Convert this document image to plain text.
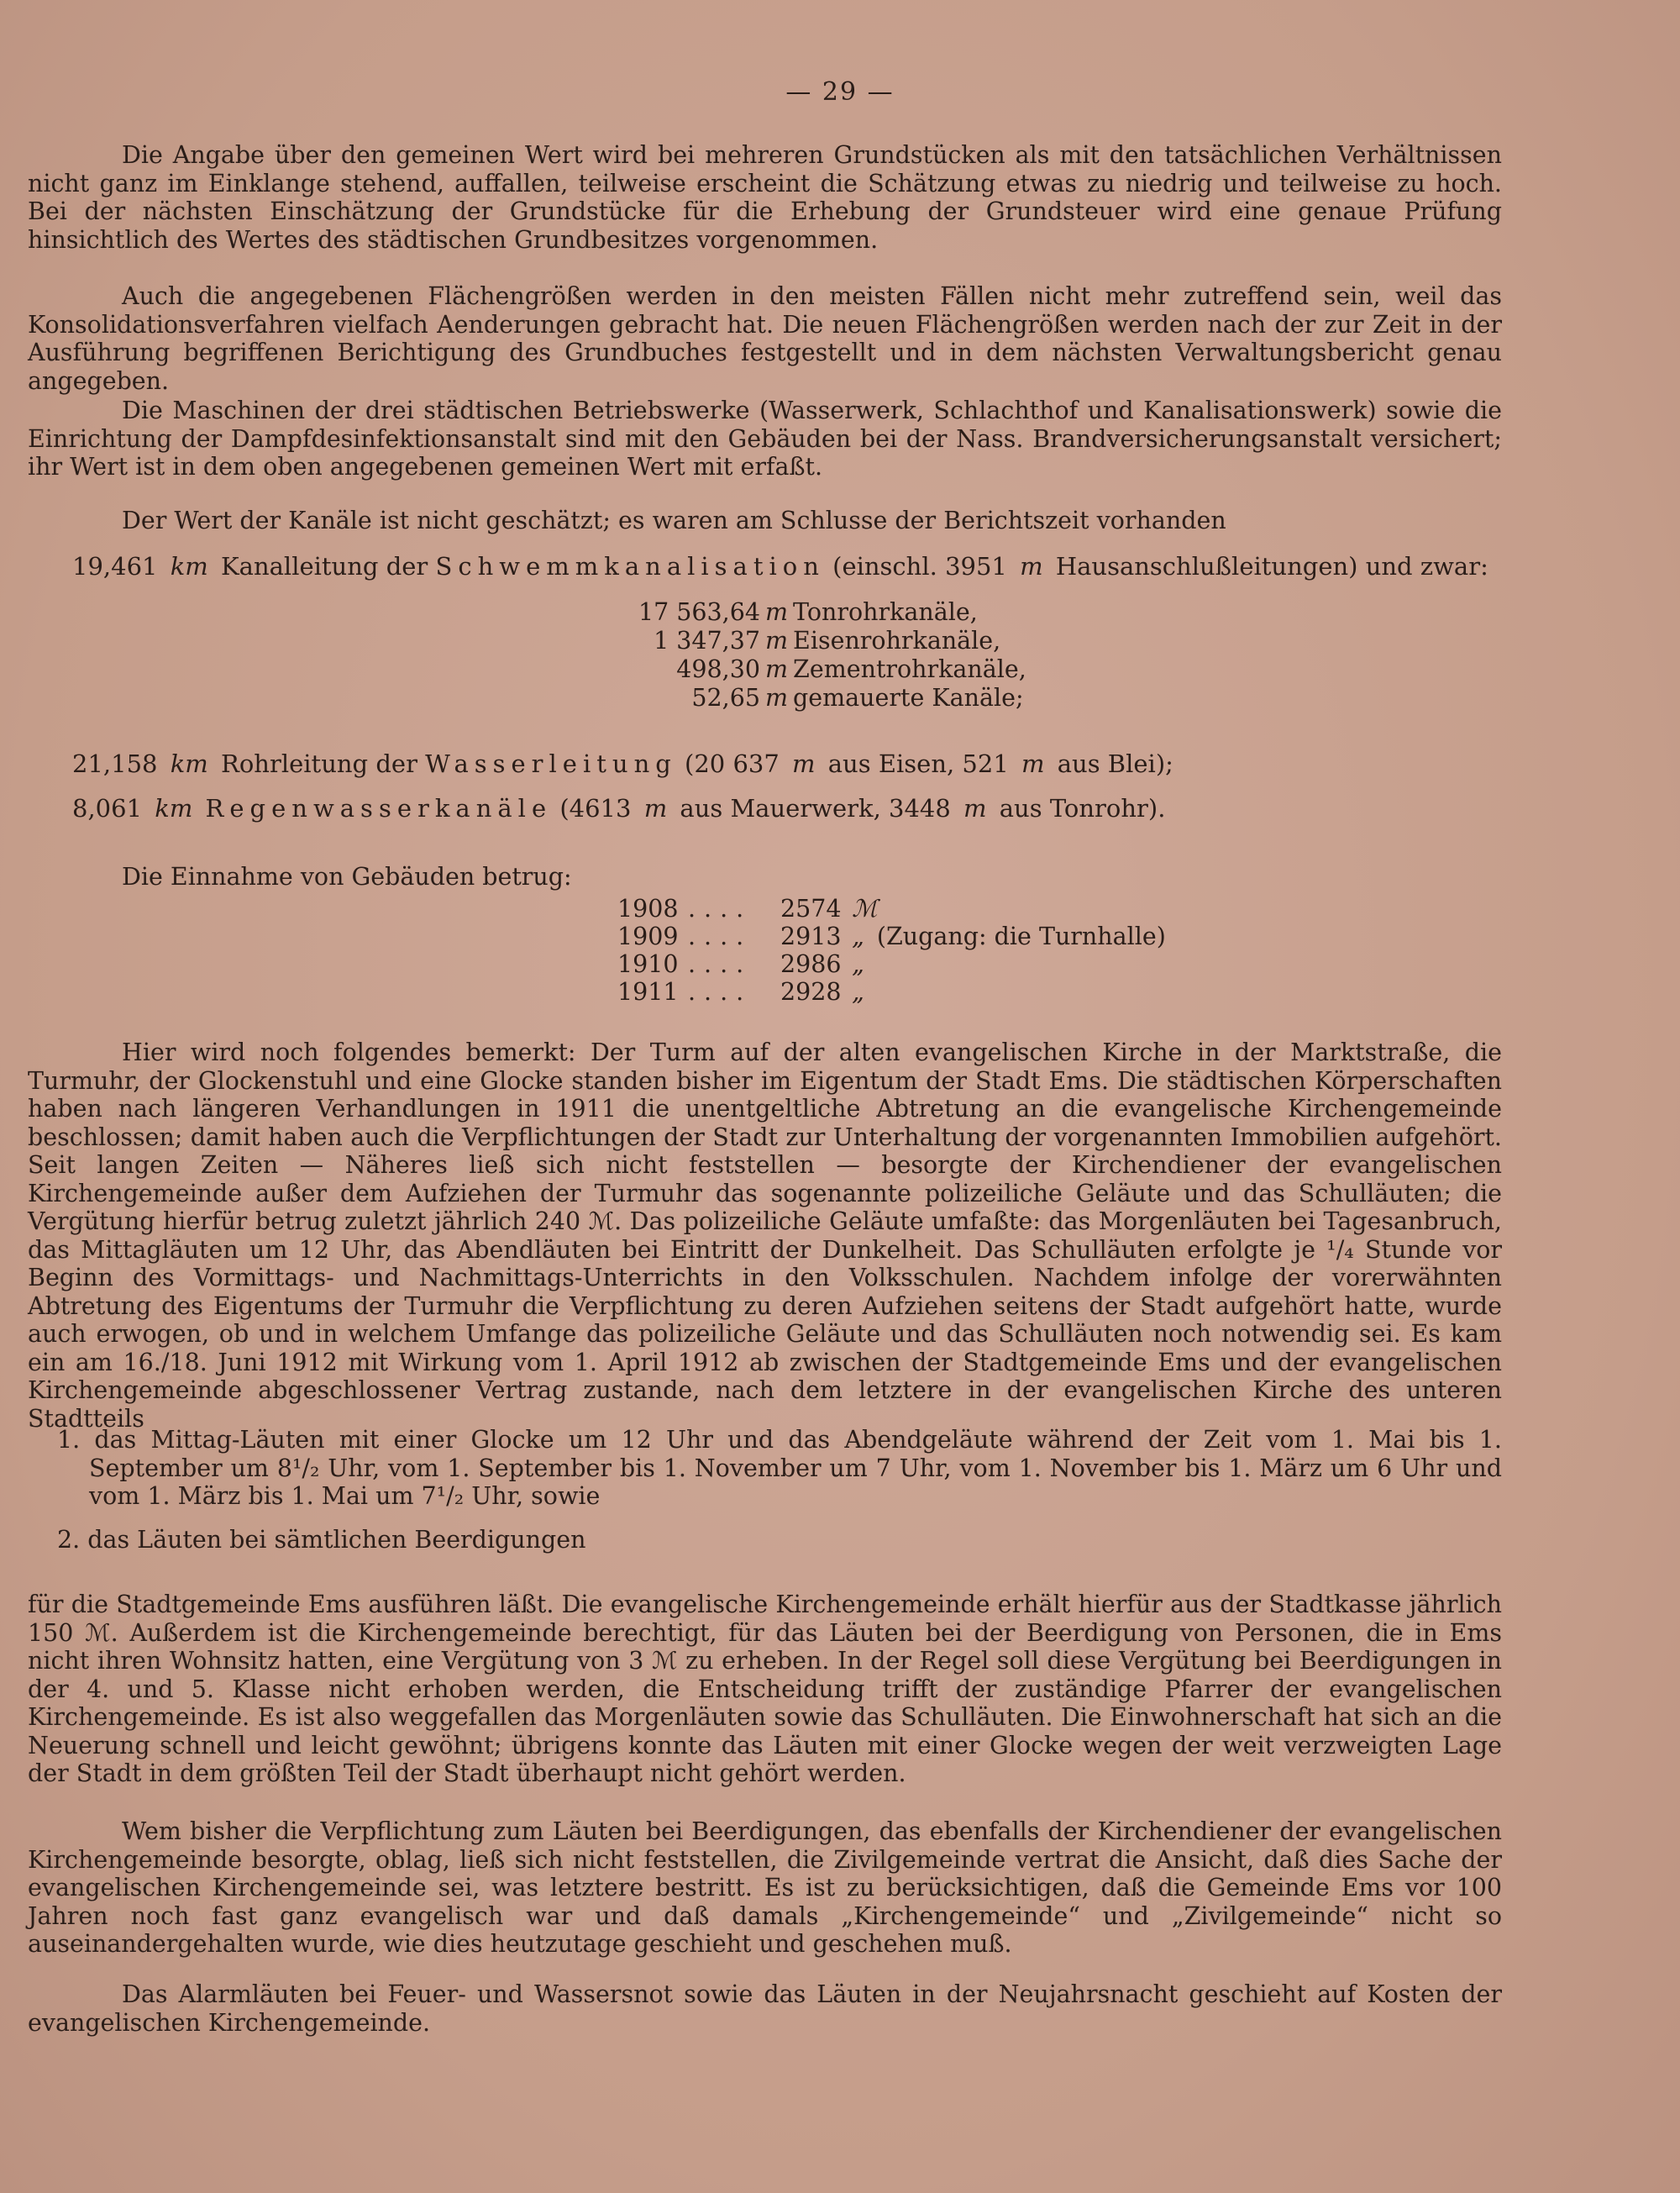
— 29 —

Die Angabe über den gemeinen Wert wird bei mehreren Grundstücken als mit den tatsächlichen Verhältnissen nicht ganz im Einklange stehend, auffallen, teilweise erscheint die Schätzung etwas zu niedrig und teilweise zu hoch. Bei der nächsten Einschätzung der Grundstücke für die Erhebung der Grundsteuer wird eine genaue Prüfung hinsichtlich des Wertes des städtischen Grundbesitzes vorgenommen.

Auch die angegebenen Flächengrößen werden in den meisten Fällen nicht mehr zutreffend sein, weil das Konsolidationsverfahren vielfach Aenderungen gebracht hat. Die neuen Flächengrößen werden nach der zur Zeit in der Ausführung begriffenen Berichtigung des Grundbuches festgestellt und in dem nächsten Verwaltungsbericht genau angegeben.

Die Maschinen der drei städtischen Betriebswerke (Wasserwerk, Schlachthof und Kanalisationswerk) sowie die Einrichtung der Dampfdesinfektionsanstalt sind mit den Gebäuden bei der Nass. Brandversicherungsanstalt versichert; ihr Wert ist in dem oben angegebenen gemeinen Wert mit erfaßt.

Der Wert der Kanäle ist nicht geschätzt; es waren am Schlusse der Berichtszeit vorhanden

19,461 km Kanalleitung der Schwemmkanalisation (einschl. 3951 m Hausanschlußleitungen) und zwar:
17 563,64 m Tonrohrkanäle,
1 347,37 m Eisenrohrkanäle,
498,30 m Zementrohrkanäle,
52,65 m gemauerte Kanäle;
21,158 km Rohrleitung der Wasserleitung (20 637 m aus Eisen, 521 m aus Blei);
8,061 km Regenwasserkanäle (4613 m aus Mauerwerk, 3448 m aus Tonrohr).

Die Einnahme von Gebäuden betrug:

1908 .... 2574 ℳ
1909 .... 2913 „ (Zugang: die Turnhalle)
1910 .... 2986 „
1911 .... 2928 „

Hier wird noch folgendes bemerkt: Der Turm auf der alten evangelischen Kirche in der Marktstraße, die Turmuhr, der Glockenstuhl und eine Glocke standen bisher im Eigentum der Stadt Ems. Die städtischen Körperschaften haben nach längeren Verhandlungen in 1911 die unentgeltliche Abtretung an die evangelische Kirchengemeinde beschlossen; damit haben auch die Verpflichtungen der Stadt zur Unterhaltung der vorgenannten Immobilien aufgehört. Seit langen Zeiten — Näheres ließ sich nicht feststellen — besorgte der Kirchendiener der evangelischen Kirchengemeinde außer dem Aufziehen der Turmuhr das sogenannte polizeiliche Geläute und das Schulläuten; die Vergütung hierfür betrug zuletzt jährlich 240 ℳ. Das polizeiliche Geläute umfaßte: das Morgenläuten bei Tagesanbruch, das Mittagläuten um 12 Uhr, das Abendläuten bei Eintritt der Dunkelheit. Das Schulläuten erfolgte je ¹/₄ Stunde vor Beginn des Vormittags- und Nachmittags-Unterrichts in den Volksschulen. Nachdem infolge der vorerwähnten Abtretung des Eigentums der Turmuhr die Verpflichtung zu deren Aufziehen seitens der Stadt aufgehört hatte, wurde auch erwogen, ob und in welchem Umfange das polizeiliche Geläute und das Schulläuten noch notwendig sei. Es kam ein am 16./18. Juni 1912 mit Wirkung vom 1. April 1912 ab zwischen der Stadtgemeinde Ems und der evangelischen Kirchengemeinde abgeschlossener Vertrag zustande, nach dem letztere in der evangelischen Kirche des unteren Stadtteils

1. das Mittag-Läuten mit einer Glocke um 12 Uhr und das Abendgeläute während der Zeit vom 1. Mai bis 1. September um 8¹/₂ Uhr, vom 1. September bis 1. November um 7 Uhr, vom 1. November bis 1. März um 6 Uhr und vom 1. März bis 1. Mai um 7¹/₂ Uhr, sowie

2. das Läuten bei sämtlichen Beerdigungen

für die Stadtgemeinde Ems ausführen läßt. Die evangelische Kirchengemeinde erhält hierfür aus der Stadtkasse jährlich 150 ℳ. Außerdem ist die Kirchengemeinde berechtigt, für das Läuten bei der Beerdigung von Personen, die in Ems nicht ihren Wohnsitz hatten, eine Vergütung von 3 ℳ zu erheben. In der Regel soll diese Vergütung bei Beerdigungen in der 4. und 5. Klasse nicht erhoben werden, die Entscheidung trifft der zuständige Pfarrer der evangelischen Kirchengemeinde. Es ist also weggefallen das Morgenläuten sowie das Schulläuten. Die Einwohnerschaft hat sich an die Neuerung schnell und leicht gewöhnt; übrigens konnte das Läuten mit einer Glocke wegen der weit verzweigten Lage der Stadt in dem größten Teil der Stadt überhaupt nicht gehört werden.

Wem bisher die Verpflichtung zum Läuten bei Beerdigungen, das ebenfalls der Kirchendiener der evangelischen Kirchengemeinde besorgte, oblag, ließ sich nicht feststellen, die Zivilgemeinde vertrat die Ansicht, daß dies Sache der evangelischen Kirchengemeinde sei, was letztere bestritt. Es ist zu berücksichtigen, daß die Gemeinde Ems vor 100 Jahren noch fast ganz evangelisch war und daß damals „Kirchengemeinde“ und „Zivilgemeinde“ nicht so auseinandergehalten wurde, wie dies heutzutage geschieht und geschehen muß.

Das Alarmläuten bei Feuer- und Wassersnot sowie das Läuten in der Neujahrsnacht geschieht auf Kosten der evangelischen Kirchengemeinde.
